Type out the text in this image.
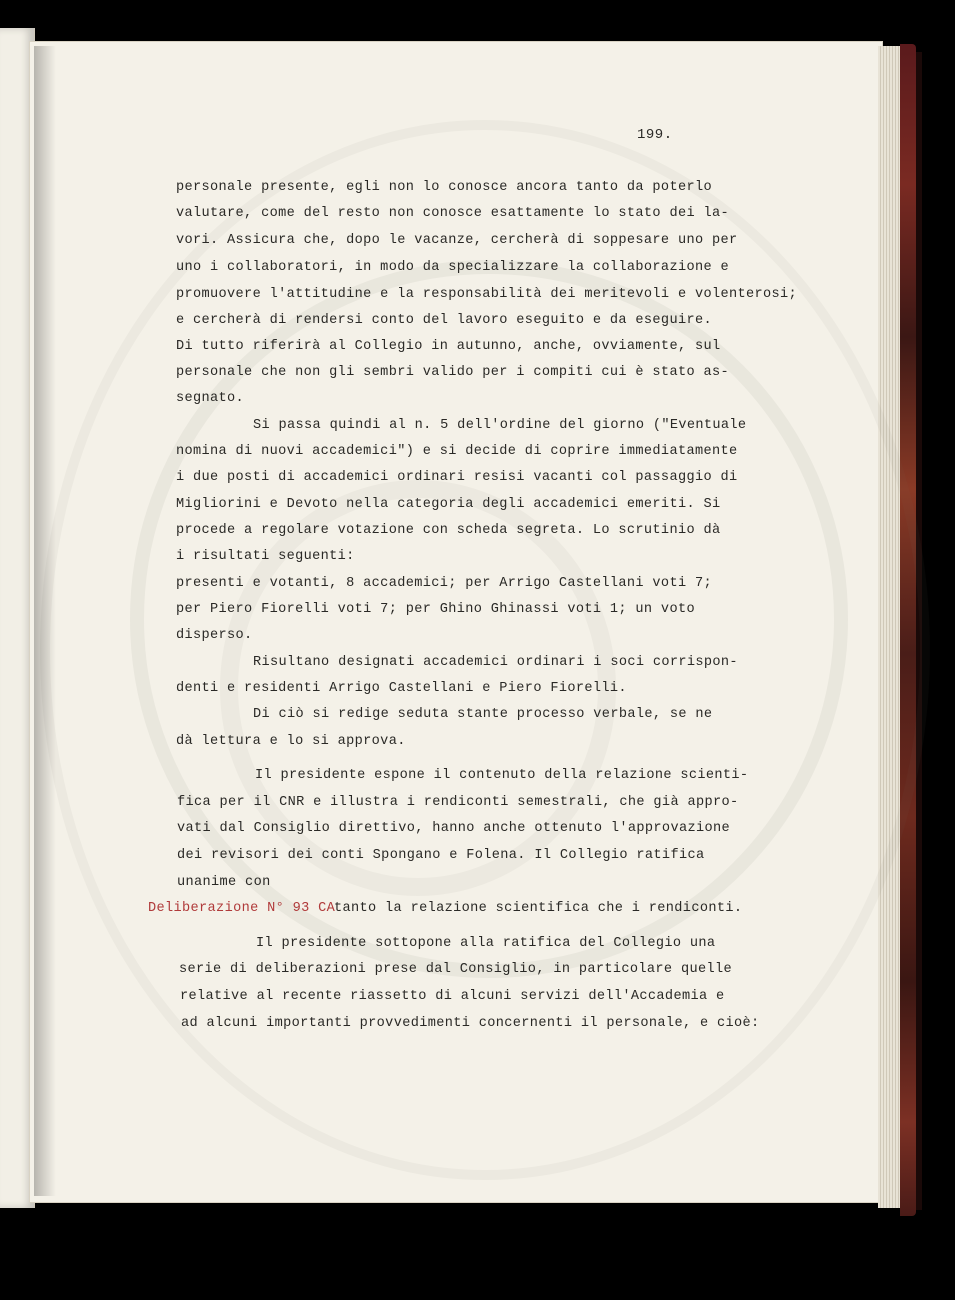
199.
personale presente, egli non lo conosce ancora tanto da poterlo
valutare, come del resto non conosce esattamente lo stato dei la-
vori. Assicura che, dopo le vacanze, cercherà di soppesare uno per
uno i collaboratori, in modo da specializzare la collaborazione e
promuovere l'attitudine e la responsabilità dei meritevoli e volenterosi;
e cercherà di rendersi conto del lavoro eseguito e da eseguire.
Di tutto riferirà al Collegio in autunno, anche, ovviamente, sul
personale che non gli sembri valido per i compiti cui è stato as-
segnato.
Si passa quindi al n. 5 dell'ordine del giorno ("Eventuale
nomina di nuovi accademici") e si decide di coprire immediatamente
i due posti di accademici ordinari resisi vacanti col passaggio di
Migliorini e Devoto nella categoria degli accademici emeriti. Si
procede a regolare votazione con scheda segreta. Lo scrutinio dà
i risultati seguenti:
presenti e votanti, 8 accademici; per Arrigo Castellani voti 7;
per Piero Fiorelli voti 7; per Ghino Ghinassi voti 1; un voto
disperso.
Risultano designati accademici ordinari i soci corrispon-
denti e residenti Arrigo Castellani e Piero Fiorelli.
Di ciò si redige seduta stante processo verbale, se ne
dà lettura e lo si approva.
Il presidente espone il contenuto della relazione scienti-
fica per il CNR e illustra i rendiconti semestrali, che già appro-
vati dal Consiglio direttivo, hanno anche ottenuto l'approvazione
dei revisori dei conti Spongano e Folena. Il Collegio ratifica
unanime con
Deliberazione N° 93 CA
tanto la relazione scientifica che i rendiconti.
Il presidente sottopone alla ratifica del Collegio una
serie di deliberazioni prese dal Consiglio, in particolare quelle
relative al recente riassetto di alcuni servizi dell'Accademia e
ad alcuni importanti provvedimenti concernenti il personale, e cioè:
